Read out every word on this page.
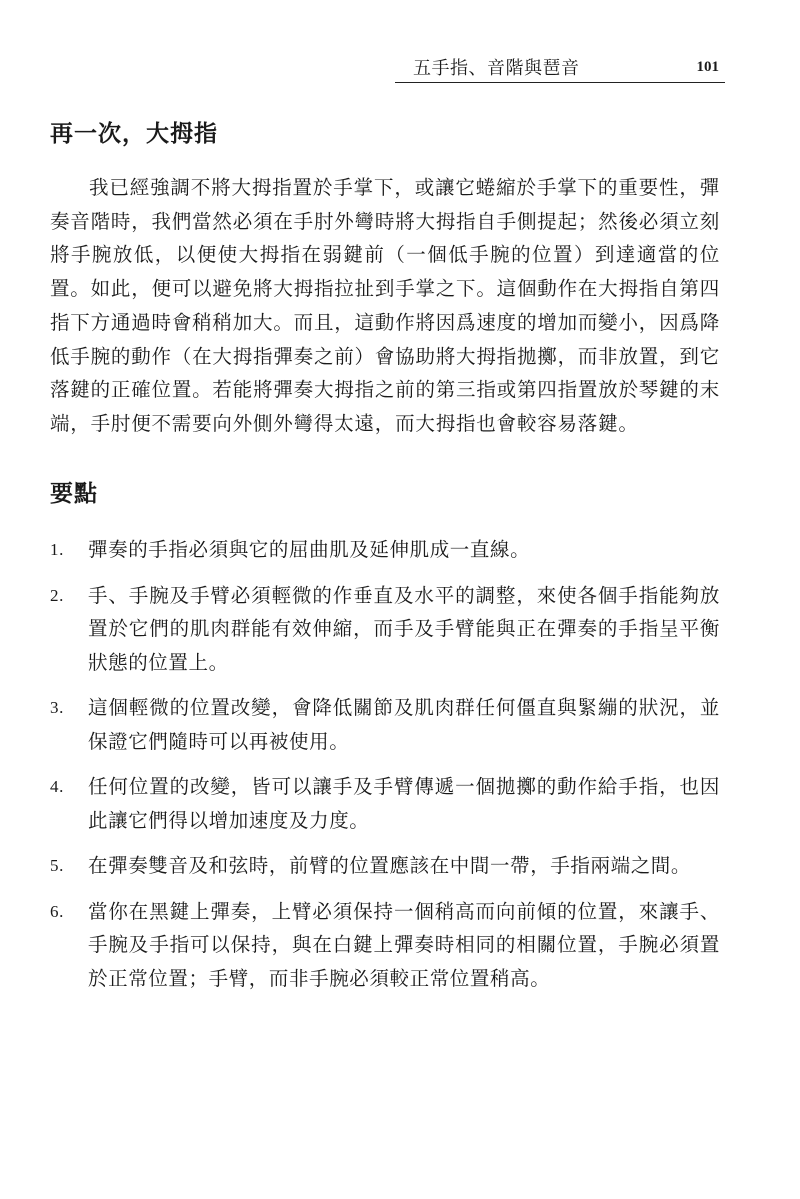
五手指、音階與琶音	101
再一次，大拇指

我已經強調不將大拇指置於手掌下，或讓它蜷縮於手掌下的重要性，彈奏音階時，我們當然必須在手肘外彎時將大拇指自手側提起；然後必須立刻將手腕放低，以便使大拇指在弱鍵前（一個低手腕的位置）到達適當的位置。如此，便可以避免將大拇指拉扯到手掌之下。這個動作在大拇指自第四指下方通過時會稍稍加大。而且，這動作將因爲速度的增加而變小，因爲降低手腕的動作（在大拇指彈奏之前）會協助將大拇指拋擲，而非放置，到它落鍵的正確位置。若能將彈奏大拇指之前的第三指或第四指置放於琴鍵的末端，手肘便不需要向外側外彎得太遠，而大拇指也會較容易落鍵。

要點
1. 彈奏的手指必須與它的屈曲肌及延伸肌成一直線。
2. 手、手腕及手臂必須輕微的作垂直及水平的調整，來使各個手指能夠放置於它們的肌肉群能有效伸縮，而手及手臂能與正在彈奏的手指呈平衡狀態的位置上。
3. 這個輕微的位置改變，會降低關節及肌肉群任何僵直與緊繃的狀況，並保證它們隨時可以再被使用。
4. 任何位置的改變，皆可以讓手及手臂傳遞一個拋擲的動作給手指，也因此讓它們得以增加速度及力度。
5. 在彈奏雙音及和弦時，前臂的位置應該在中間一帶，手指兩端之間。
6. 當你在黑鍵上彈奏，上臂必須保持一個稍高而向前傾的位置，來讓手、手腕及手指可以保持，與在白鍵上彈奏時相同的相關位置，手腕必須置於正常位置；手臂，而非手腕必須較正常位置稍高。
